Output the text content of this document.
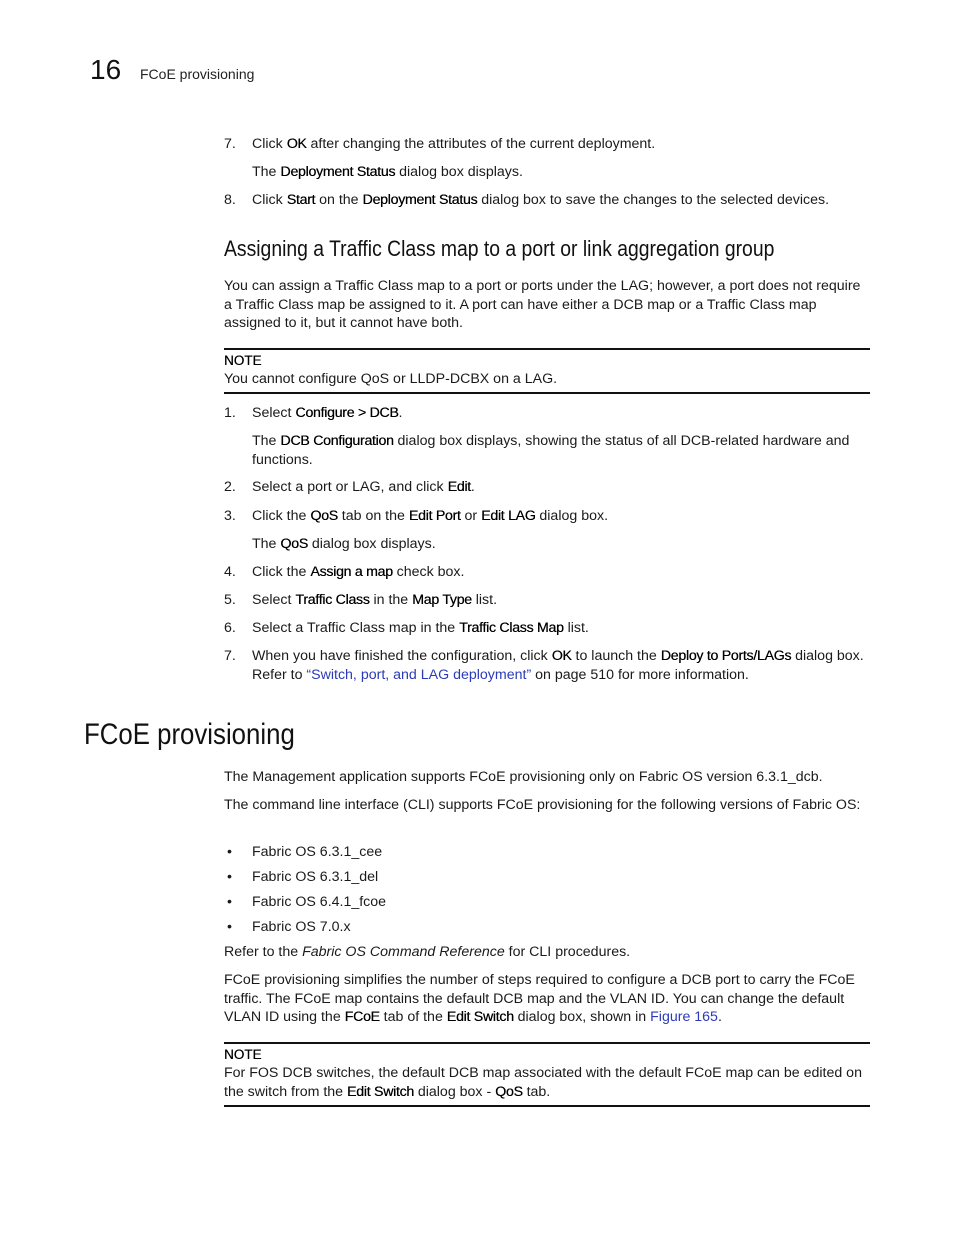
16 FCoE provisioning
7.	Click OK after changing the attributes of the current deployment.
The Deployment Status dialog box displays.
8.	Click Start on the Deployment Status dialog box to save the changes to the selected devices.
Assigning a Traffic Class map to a port or link aggregation group

You can assign a Traffic Class map to a port or ports under the LAG; however, a port does not require a Traffic Class map be assigned to it. A port can have either a DCB map or a Traffic Class map assigned to it, but it cannot have both.

NOTE
You cannot configure QoS or LLDP-DCBX on a LAG.
1.	Select Configure > DCB.
The DCB Configuration dialog box displays, showing the status of all DCB-related hardware and functions.
2.	Select a port or LAG, and click Edit.
3.	Click the QoS tab on the Edit Port or Edit LAG dialog box.
The QoS dialog box displays.
4.	Click the Assign a map check box.
5.	Select Traffic Class in the Map Type list.
6.	Select a Traffic Class map in the Traffic Class Map list.
7.	When you have finished the configuration, click OK to launch the Deploy to Ports/LAGs dialog box. Refer to “Switch, port, and LAG deployment” on page 510 for more information.
FCoE provisioning

The Management application supports FCoE provisioning only on Fabric OS version 6.3.1_dcb.

The command line interface (CLI) supports FCoE provisioning for the following versions of Fabric OS:

• Fabric OS 6.3.1_cee
• Fabric OS 6.3.1_del
• Fabric OS 6.4.1_fcoe
• Fabric OS 7.0.x

Refer to the Fabric OS Command Reference for CLI procedures.

FCoE provisioning simplifies the number of steps required to configure a DCB port to carry the FCoE traffic. The FCoE map contains the default DCB map and the VLAN ID. You can change the default VLAN ID using the FCoE tab of the Edit Switch dialog box, shown in Figure 165.

NOTE
For FOS DCB switches, the default DCB map associated with the default FCoE map can be edited on the switch from the Edit Switch dialog box - QoS tab.
